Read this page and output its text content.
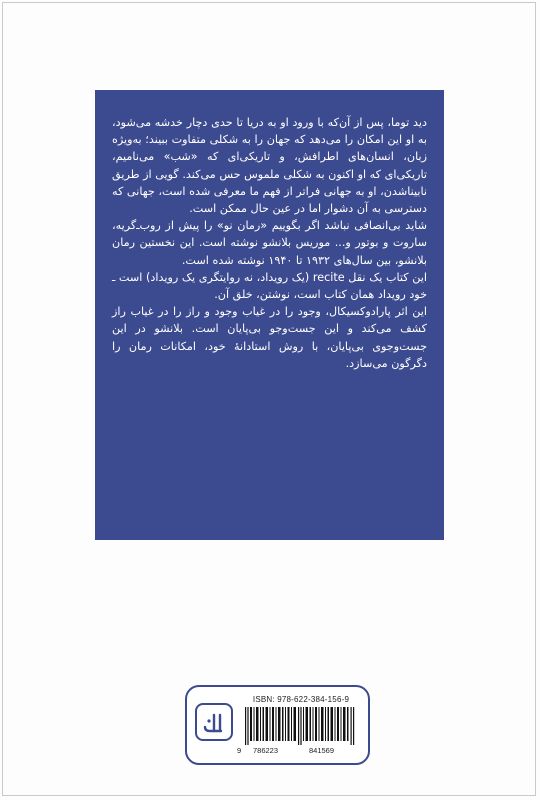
دید توما، پس از آن‌که با ورود او به دریا تا حدی دچار خدشه می‌شود، به او این امکان را می‌دهد که جهان را به شکلی متفاوت ببیند؛ به‌ویژه زبان، انسان‌های اطرافش، و تاریکی‌ای که «شب» می‌نامیم، تاریکی‌ای که او اکنون به شکلی ملموس حس می‌کند. گویی از طریق نابیناشدن، او به جهانی فراتر از فهم ما معرفی شده است، جهانی که دسترسی به آن دشوار اما در عین حال ممکن است.

شاید بی‌انصافی نباشد اگر بگوییم «رمان نو» را پیش از روب‌ـ‌گریه، ساروت و بوتور و... موریس بلانشو نوشته است. این نخستین رمان بلانشو، بین سال‌های ۱۹۳۲ تا ۱۹۴۰ نوشته شده است.

این کتاب یک نقل recite (یک رویداد، نه روایتگری یک رویداد) است ـ خود رویداد همان کتاب است، نوشتن، خلق آن.

این اثر پارادوکسیکال، وجود را در غیاب وجود و راز را در غیاب راز کشف می‌کند و این جست‌وجو بی‌پایان است. بلانشو در این جست‌وجوی بی‌پایان، با روش استادانهٔ خود، امکانات رمان را دگرگون می‌سازد.

ISBN: 978-622-384-156-9
9 786223	841569
